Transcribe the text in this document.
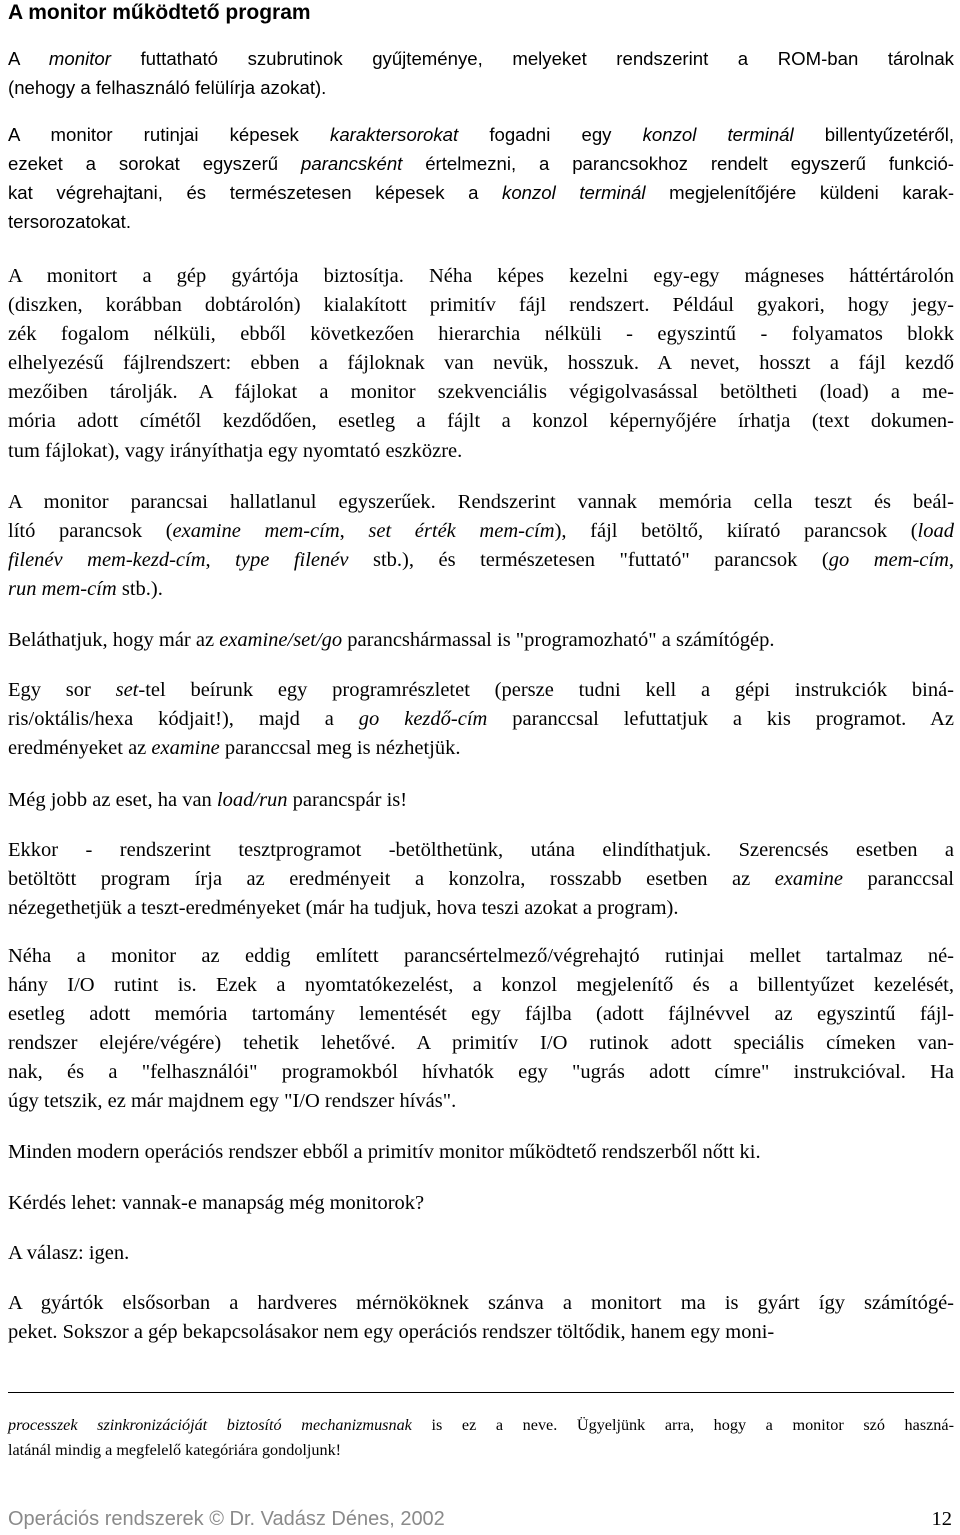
A monitor működtető program
A monitor futtatható szubrutinok gyűjteménye, melyeket rendszerint a ROM-ban tárolnak
(nehogy a felhasználó felülírja azokat).
A monitor rutinjai képesek karaktersorokat fogadni egy konzol terminál billentyűzetéről,
ezeket a sorokat egyszerű parancsként értelmezni, a parancsokhoz rendelt egyszerű funkció-
kat végrehajtani, és természetesen képesek a konzol terminál megjelenítőjére küldeni karak-
tersorozatokat.
A monitort a gép gyártója biztosítja. Néha képes kezelni egy-egy mágneses háttértárolón
(diszken, korábban dobtárolón) kialakított primitív fájl rendszert. Például gyakori, hogy jegy-
zék fogalom nélküli, ebből következően hierarchia nélküli - egyszintű - folyamatos blokk
elhelyezésű fájlrendszert: ebben a fájloknak van nevük, hosszuk. A nevet, hosszt a fájl kezdő
mezőiben tárolják. A fájlokat a monitor szekvenciális végigolvasással betöltheti (load) a me-
mória adott címétől kezdődően, esetleg a fájlt a konzol képernyőjére írhatja (text dokumen-
tum fájlokat), vagy irányíthatja egy nyomtató eszközre.
A monitor parancsai hallatlanul egyszerűek. Rendszerint vannak memória cella teszt és beál-
lító parancsok (examine mem-cím, set érték mem-cím), fájl betöltő, kiírató parancsok (load
filenév mem-kezd-cím, type filenév stb.), és természetesen "futtató" parancsok (go mem-cím,
run mem-cím stb.).
Beláthatjuk, hogy már az examine/set/go parancshármassal is "programozható" a számítógép.
Egy sor set-tel beírunk egy programrészletet (persze tudni kell a gépi instrukciók biná-
ris/oktális/hexa kódjait!), majd a go kezdő-cím paranccsal lefuttatjuk a kis programot. Az
eredményeket az examine paranccsal meg is nézhetjük.
Még jobb az eset, ha van load/run parancspár is!
Ekkor - rendszerint tesztprogramot -betölthetünk, utána elindíthatjuk. Szerencsés esetben a
betöltött program írja az eredményeit a konzolra, rosszabb esetben az examine paranccsal
nézegethetjük a teszt-eredményeket (már ha tudjuk, hova teszi azokat a program).
Néha a monitor az eddig említett parancsértelmező/végrehajtó rutinjai mellet tartalmaz né-
hány I/O rutint is. Ezek a nyomtatókezelést, a konzol megjelenítő és a billentyűzet kezelését,
esetleg adott memória tartomány lementését egy fájlba (adott fájlnévvel az egyszintű fájl-
rendszer elejére/végére) tehetik lehetővé. A primitív I/O rutinok adott speciális címeken van-
nak, és a "felhasználói" programokból hívhatók egy "ugrás adott címre" instrukcióval. Ha
úgy tetszik, ez már majdnem egy "I/O rendszer hívás".
Minden modern operációs rendszer ebből a primitív monitor működtető rendszerből nőtt ki.
Kérdés lehet: vannak-e manapság még monitorok?
A válasz: igen.
A gyártók elsősorban a hardveres mérnököknek szánva a monitort ma is gyárt így számítógé-
peket. Sokszor a gép bekapcsolásakor nem egy operációs rendszer töltődik, hanem egy moni-
processzek szinkronizációját biztosító mechanizmusnak is ez a neve. Ügyeljünk arra, hogy a monitor szó haszná-
latánál mindig a megfelelő kategóriára gondoljunk!
Operációs rendszerek © Dr. Vadász Dénes, 2002	12
